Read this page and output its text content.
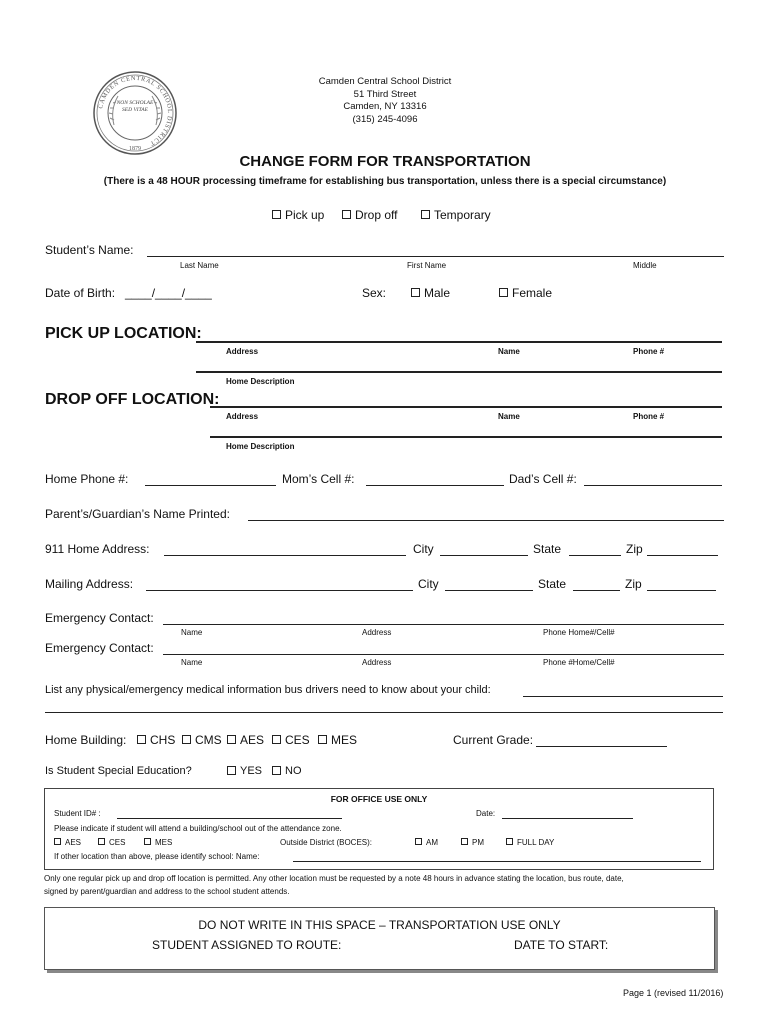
CAMDEN CENTRAL SCHOOL DISTRICT
NON SCHOLAE SED VITAE
1879
Camden Central School District
51 Third Street
Camden, NY 13316
(315) 245-4096
CHANGE FORM FOR TRANSPORTATION
(There is a 48 HOUR processing timeframe for establishing bus transportation, unless there is a special circumstance)
Pick up	Drop off	Temporary
Student’s Name:
Last Name	First Name	Middle
Date of Birth: ____/____/____	Sex:	Male	Female
PICK UP LOCATION:
Address	Name	Phone #
Home Description
DROP OFF LOCATION:
Address	Name	Phone #
Home Description
Home Phone #:	Mom’s Cell #:	Dad’s Cell #:
Parent’s/Guardian’s Name Printed:
911 Home Address:	City	State	Zip
Mailing Address:	City	State	Zip
Emergency Contact:
Name	Address	Phone Home#/Cell#
Emergency Contact:
Name	Address	Phone #Home/Cell#
List any physical/emergency medical information bus drivers need to know about your child:
Home Building:	CHS	CMS	AES	CES	MES	Current Grade:
Is Student Special Education?	YES	NO
FOR OFFICE USE ONLY
Student ID# :	Date:
Please indicate if student will attend a building/school out of the attendance zone.
AES	CES	MES	Outside District (BOCES):	AM	PM	FULL DAY
If other location than above, please identify school: Name:
Only one regular pick up and drop off location is permitted. Any other location must be requested by a note 48 hours in advance stating the location, bus route, date,
signed by parent/guardian and address to the school student attends.
DO NOT WRITE IN THIS SPACE – TRANSPORTATION USE ONLY
STUDENT ASSIGNED TO ROUTE:	DATE TO START:
Page 1 (revised 11/2016)
